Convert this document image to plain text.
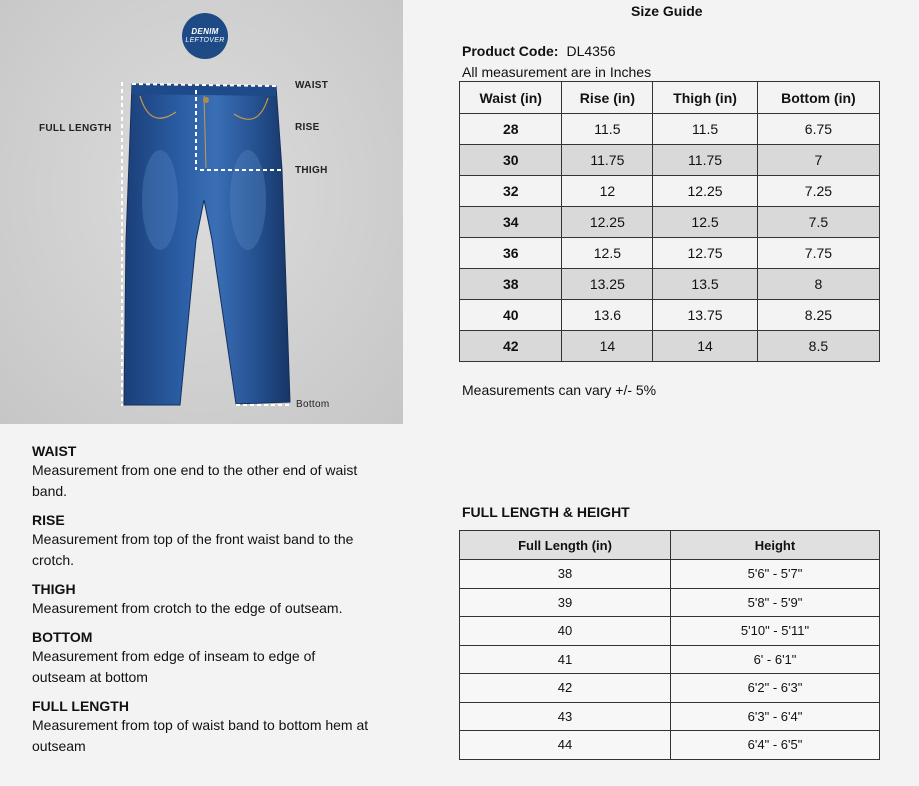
DENIM
LEFTOVER
WAIST
RISE
THIGH
FULL LENGTH
Bottom
Size Guide
Product Code: DL4356
All measurement are in Inches
Waist (in)	Rise (in)	Thigh (in)	Bottom (in)
28	11.5	11.5	6.75
30	11.75	11.75	7
32	12	12.25	7.25
34	12.25	12.5	7.5
36	12.5	12.75	7.75
38	13.25	13.5	8
40	13.6	13.75	8.25
42	14	14	8.5
Measurements can vary +/- 5%
WAIST
Measurement from one end to the other end of waist band.
RISE
Measurement from top of the front waist band to the crotch.
THIGH
Measurement from crotch to the edge of outseam.
BOTTOM
Measurement from edge of inseam to edge of outseam at bottom
FULL LENGTH
Measurement from top of waist band to bottom hem at outseam
FULL LENGTH & HEIGHT
Full Length (in)	Height
38	5'6" - 5'7"
39	5'8" - 5'9"
40	5'10" - 5'11"
41	6' - 6'1"
42	6'2" - 6'3"
43	6'3" - 6'4"
44	6'4" - 6'5"
